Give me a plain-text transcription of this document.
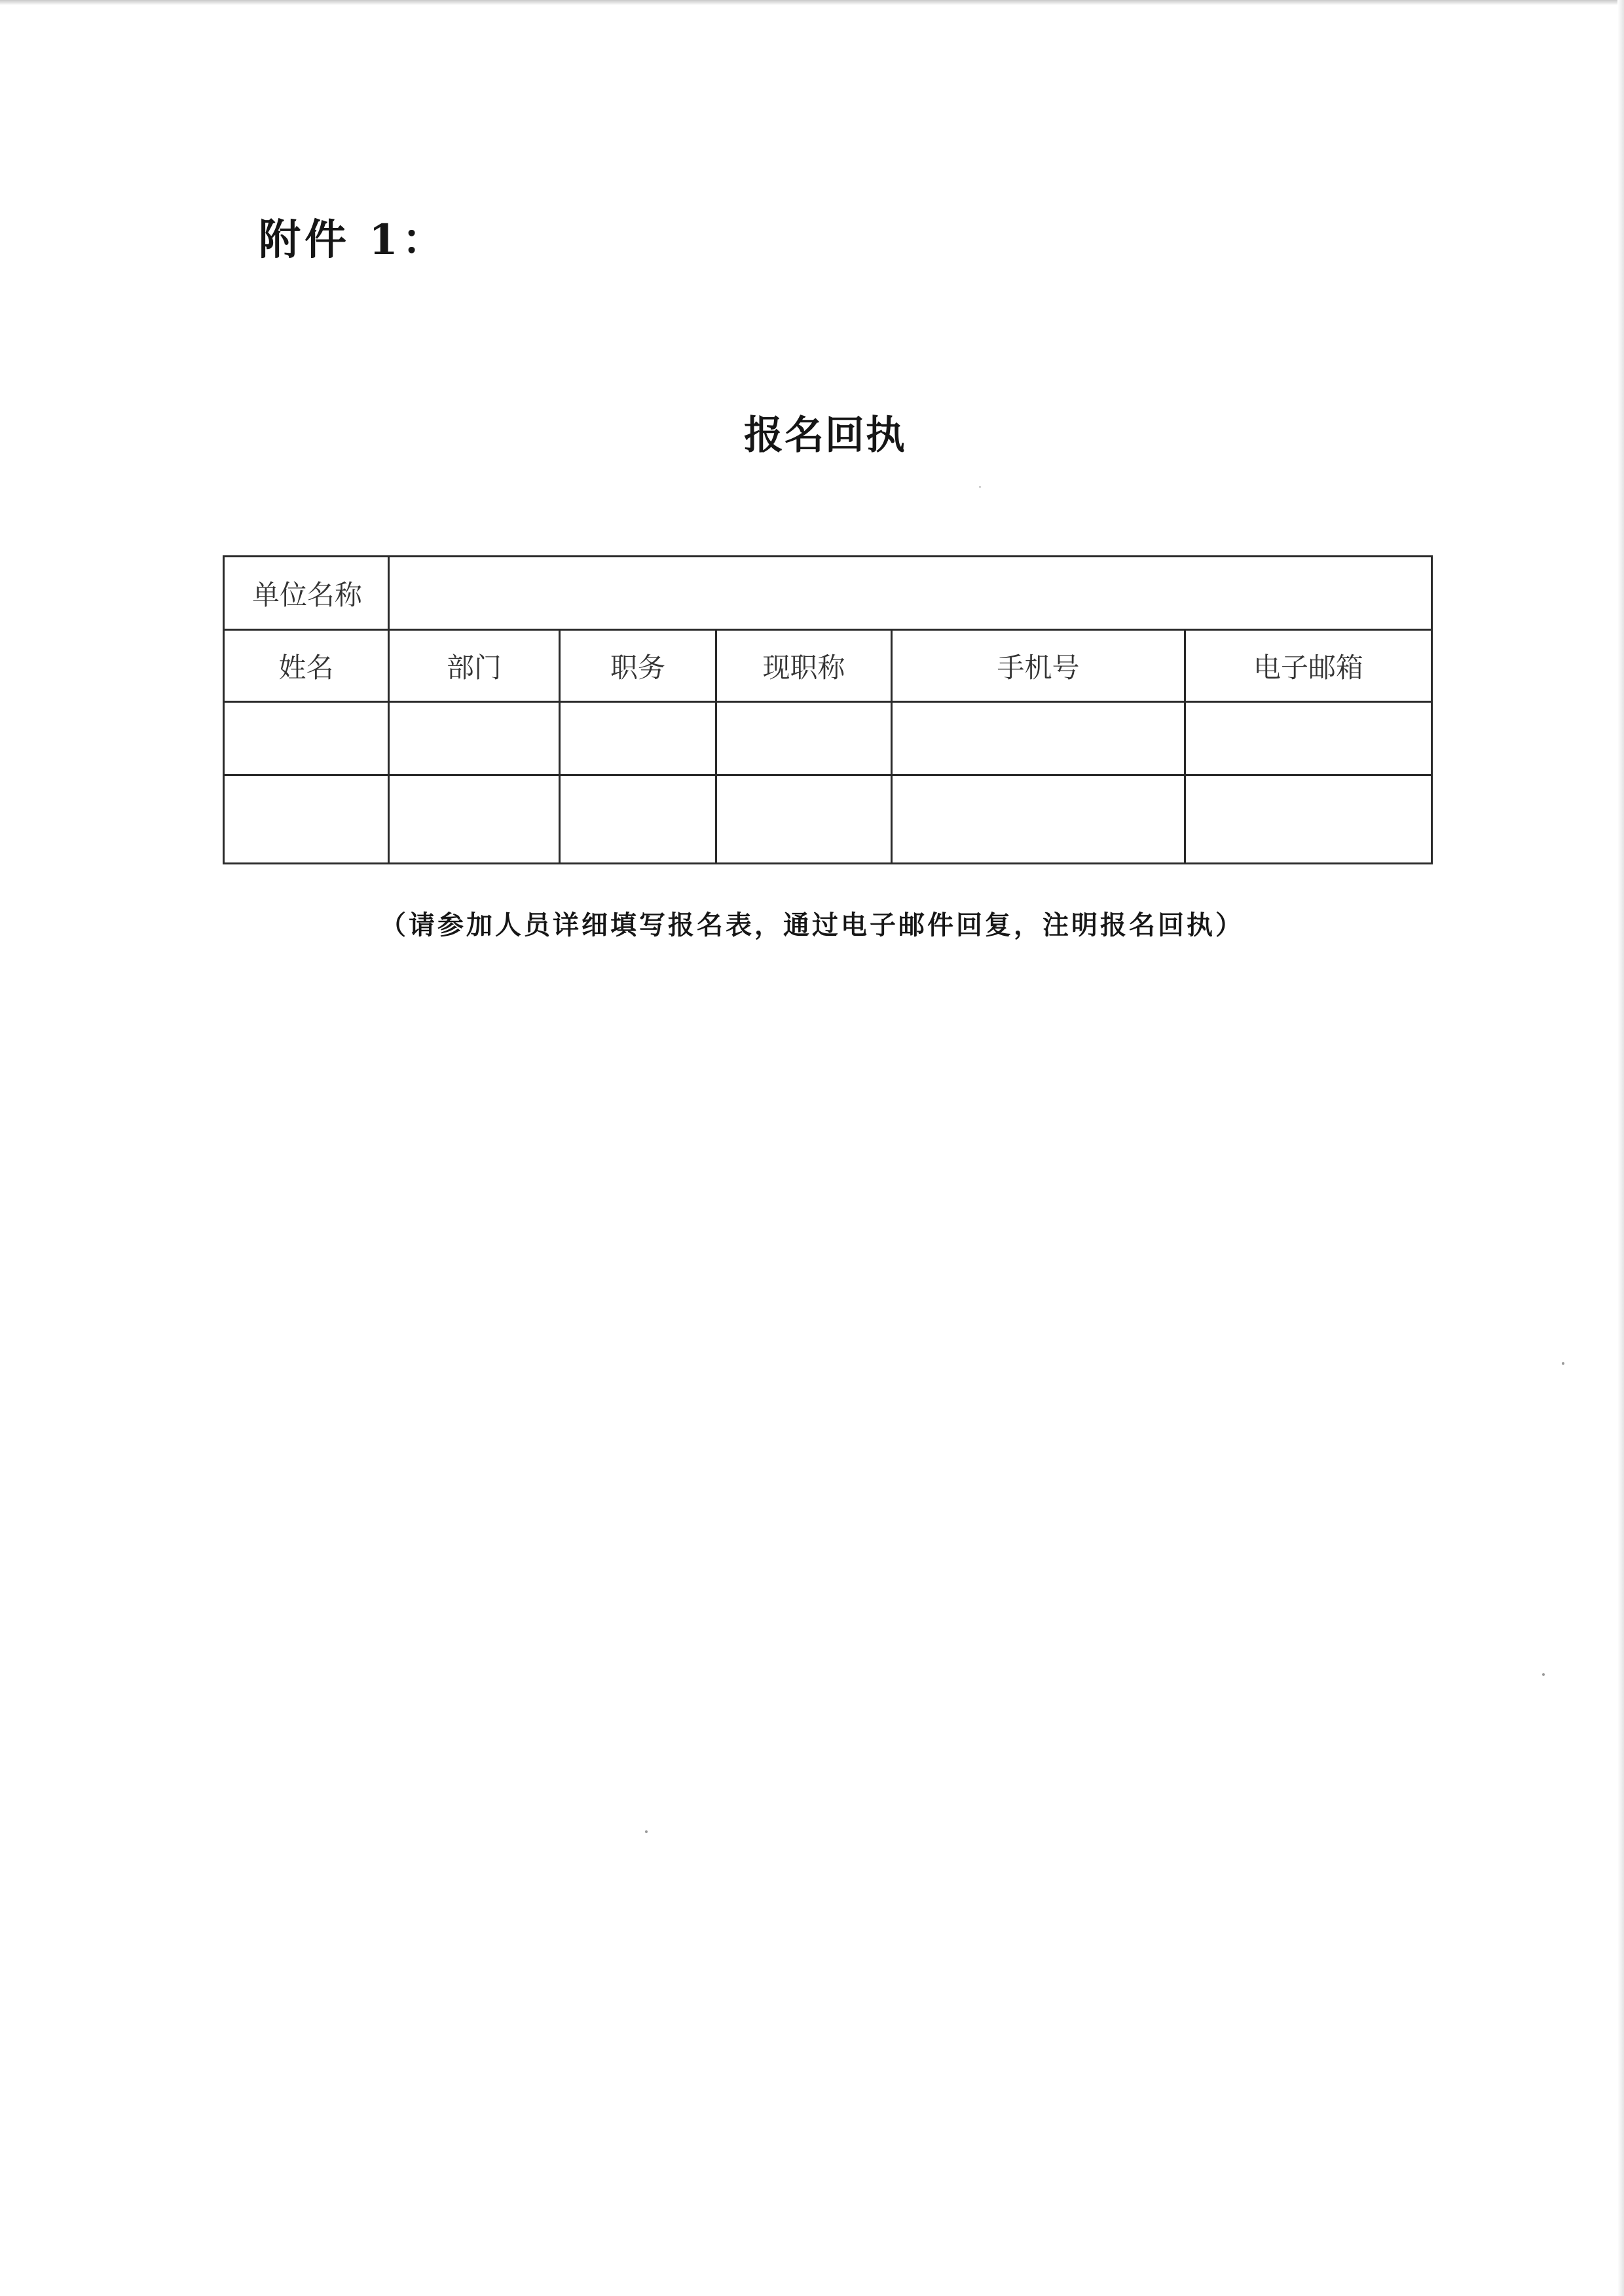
附件 1：
报名回执
单位名称					
姓名	部门	职务	现职称	手机号	电子邮箱

（请参加人员详细填写报名表，通过电子邮件回复，注明报名回执）
